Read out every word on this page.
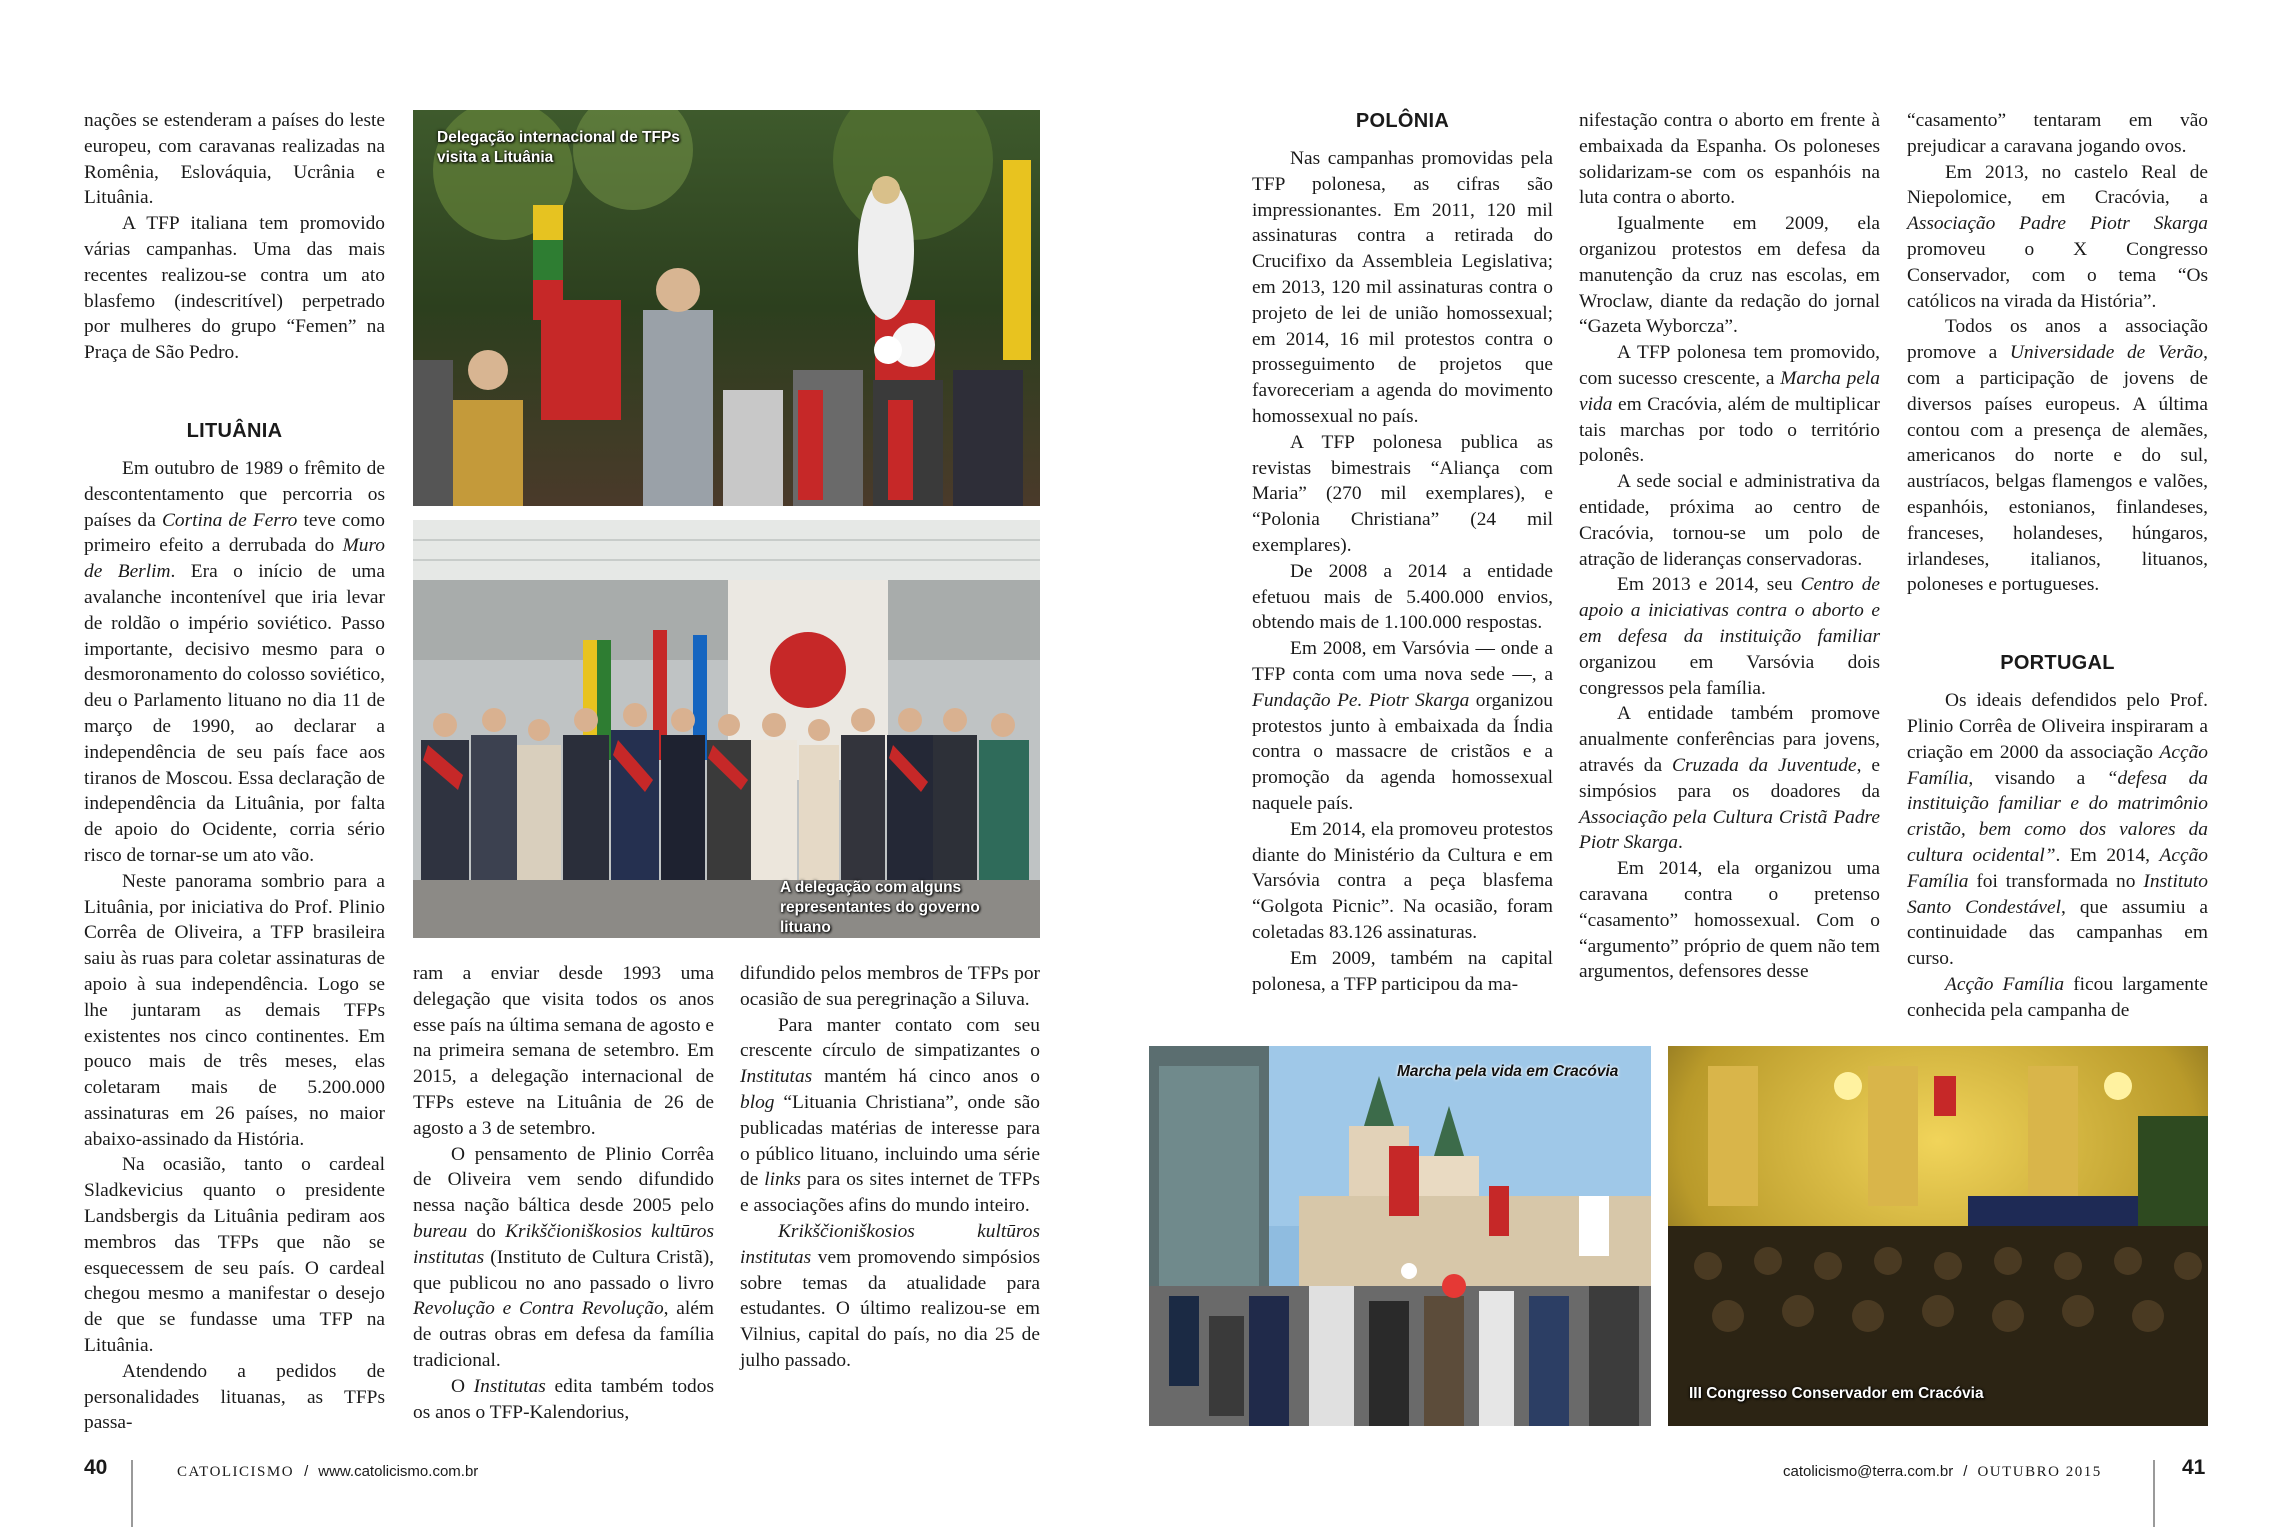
nações se estenderam a países do leste europeu, com caravanas realizadas na Romênia, Eslováquia, Ucrânia e Lituânia.

A TFP italiana tem promovido várias campanhas. Uma das mais recentes realizou-se contra um ato blasfemo (indescritível) perpetrado por mulheres do grupo “Femen” na Praça de São Pedro.

LITUÂNIA

Em outubro de 1989 o frêmito de descontentamento que percorria os países da Cortina de Ferro teve como primeiro efeito a derrubada do Muro de Berlim. Era o início de uma avalanche incontenível que iria levar de roldão o império soviético. Passo importante, decisivo mesmo para o desmoronamento do colosso soviético, deu o Parlamento lituano no dia 11 de março de 1990, ao declarar a independência de seu país face aos tiranos de Moscou. Essa declaração de independência da Lituânia, por falta de apoio do Ocidente, corria sério risco de tornar-se um ato vão.

Neste panorama sombrio para a Lituânia, por iniciativa do Prof. Plinio Corrêa de Oliveira, a TFP brasileira saiu às ruas para coletar assinaturas de apoio à sua independência. Logo se lhe juntaram as demais TFPs existentes nos cinco continentes. Em pouco mais de três meses, elas coletaram mais de 5.200.000 assinaturas em 26 países, no maior abaixo-assinado da História.

Na ocasião, tanto o cardeal Sladkevicius quanto o presidente Landsbergis da Lituânia pediram aos membros das TFPs que não se esquecessem de seu país. O cardeal chegou mesmo a manifestar o desejo de que se fundasse uma TFP na Lituânia.

Atendendo a pedidos de personalidades lituanas, as TFPs passa-

Delegação internacional de TFPs visita a Lituânia
A delegação com alguns representantes do governo lituano

ram a enviar desde 1993 uma delegação que visita todos os anos esse país na última semana de agosto e na primeira semana de setembro. Em 2015, a delegação internacional de TFPs esteve na Lituânia de 26 de agosto a 3 de setembro.

O pensamento de Plinio Corrêa de Oliveira vem sendo difundido nessa nação báltica desde 2005 pelo bureau do Krikščioniškosios kultūros institutas (Instituto de Cultura Cristã), que publicou no ano passado o livro Revolução e Contra Revolução, além de outras obras em defesa da família tradicional.

O Institutas edita também todos os anos o TFP-Kalendorius,

difundido pelos membros de TFPs por ocasião de sua peregrinação a Siluva.

Para manter contato com seu crescente círculo de simpatizantes o Institutas mantém há cinco anos o blog “Lituania Christiana”, onde são publicadas matérias de interesse para o público lituano, incluindo uma série de links para os sites internet de TFPs e associações afins do mundo inteiro.

Krikščioniškosios kultūros institutas vem promovendo simpósios sobre temas da atualidade para estudantes. O último realizou-se em Vilnius, capital do país, no dia 25 de julho passado.

40	CATOLICISMO / www.catolicismo.com.br
POLÔNIA

Nas campanhas promovidas pela TFP polonesa, as cifras são impressionantes. Em 2011, 120 mil assinaturas contra a retirada do Crucifixo da Assembleia Legislativa; em 2013, 120 mil assinaturas contra o projeto de lei de união homossexual; em 2014, 16 mil protestos contra o prosseguimento de projetos que favoreceriam a agenda do movimento homossexual no país.

A TFP polonesa publica as revistas bimestrais “Aliança com Maria” (270 mil exemplares), e “Polonia Christiana” (24 mil exemplares).

De 2008 a 2014 a entidade efetuou mais de 5.400.000 envios, obtendo mais de 1.100.000 respostas.

Em 2008, em Varsóvia — onde a TFP conta com uma nova sede —, a Fundação Pe. Piotr Skarga organizou protestos junto à embaixada da Índia contra o massacre de cristãos e a promoção da agenda homossexual naquele país.

Em 2014, ela promoveu protestos diante do Ministério da Cultura e em Varsóvia contra a peça blasfema “Golgota Picnic”. Na ocasião, foram coletadas 83.126 assinaturas.

Em 2009, também na capital polonesa, a TFP participou da ma-

nifestação contra o aborto em frente à embaixada da Espanha. Os poloneses solidarizam-se com os espanhóis na luta contra o aborto.

Igualmente em 2009, ela organizou protestos em defesa da manutenção da cruz nas escolas, em Wroclaw, diante da redação do jornal “Gazeta Wyborcza”.

A TFP polonesa tem promovido, com sucesso crescente, a Marcha pela vida em Cracóvia, além de multiplicar tais marchas por todo o território polonês.

A sede social e administrativa da entidade, próxima ao centro de Cracóvia, tornou-se um polo de atração de lideranças conservadoras.

Em 2013 e 2014, seu Centro de apoio a iniciativas contra o aborto e em defesa da instituição familiar organizou em Varsóvia dois congressos pela família.

A entidade também promove anualmente conferências para jovens, através da Cruzada da Juventude, e simpósios para os doadores da Associação pela Cultura Cristã Padre Piotr Skarga.

Em 2014, ela organizou uma caravana contra o pretenso “casamento” homossexual. Com o “argumento” próprio de quem não tem argumentos, defensores desse

“casamento” tentaram em vão prejudicar a caravana jogando ovos.

Em 2013, no castelo Real de Niepolomice, em Cracóvia, a Associação Padre Piotr Skarga promoveu o X Congresso Conservador, com o tema “Os católicos na virada da História”.

Todos os anos a associação promove a Universidade de Verão, com a participação de jovens de diversos países europeus. A última contou com a presença de alemães, americanos do norte e do sul, austríacos, belgas flamengos e valões, espanhóis, estonianos, finlandeses, franceses, holandeses, húngaros, irlandeses, italianos, lituanos, poloneses e portugueses.

PORTUGAL

Os ideais defendidos pelo Prof. Plinio Corrêa de Oliveira inspiraram a criação em 2000 da associação Acção Família, visando a “defesa da instituição familiar e do matrimônio cristão, bem como dos valores da cultura ocidental”. Em 2014, Acção Família foi transformada no Instituto Santo Condestável, que assumiu a continuidade das campanhas em curso.

Acção Família ficou largamente conhecida pela campanha de

Marcha pela vida em Cracóvia
III Congresso Conservador em Cracóvia
catolicismo@terra.com.br / OUTUBRO 2015	41
